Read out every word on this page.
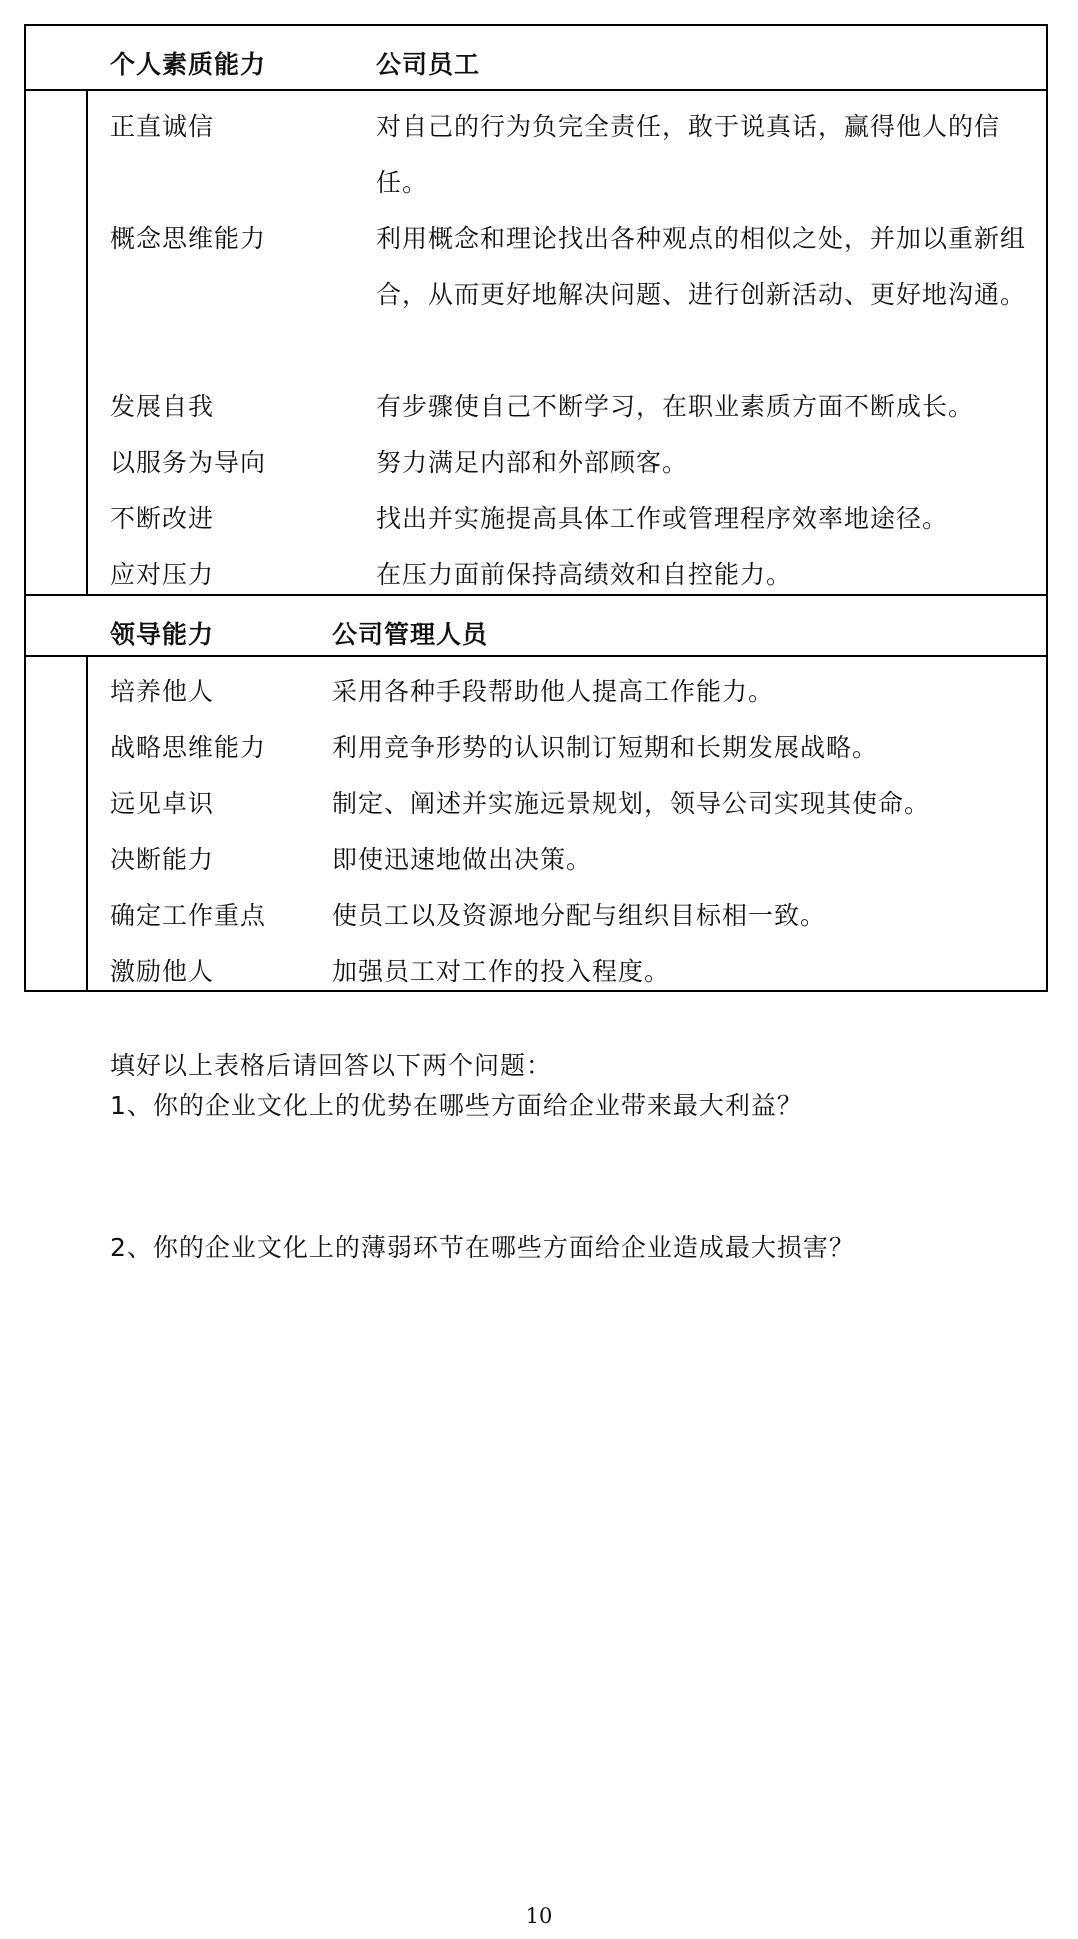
个人素质能力	公司员工
正直诚信	对自己的行为负完全责任，敢于说真话，赢得他人的信任。
概念思维能力	利用概念和理论找出各种观点的相似之处，并加以重新组合，从而更好地解决问题、进行创新活动、更好地沟通。
发展自我	有步骤使自己不断学习，在职业素质方面不断成长。
以服务为导向	努力满足内部和外部顾客。
不断改进	找出并实施提高具体工作或管理程序效率地途径。
应对压力	在压力面前保持高绩效和自控能力。
领导能力	公司管理人员
培养他人	采用各种手段帮助他人提高工作能力。
战略思维能力	利用竞争形势的认识制订短期和长期发展战略。
远见卓识	制定、阐述并实施远景规划，领导公司实现其使命。
决断能力	即使迅速地做出决策。
确定工作重点	使员工以及资源地分配与组织目标相一致。
激励他人	加强员工对工作的投入程度。
填好以上表格后请回答以下两个问题：
1、你的企业文化上的优势在哪些方面给企业带来最大利益？
2、你的企业文化上的薄弱环节在哪些方面给企业造成最大损害？
10
